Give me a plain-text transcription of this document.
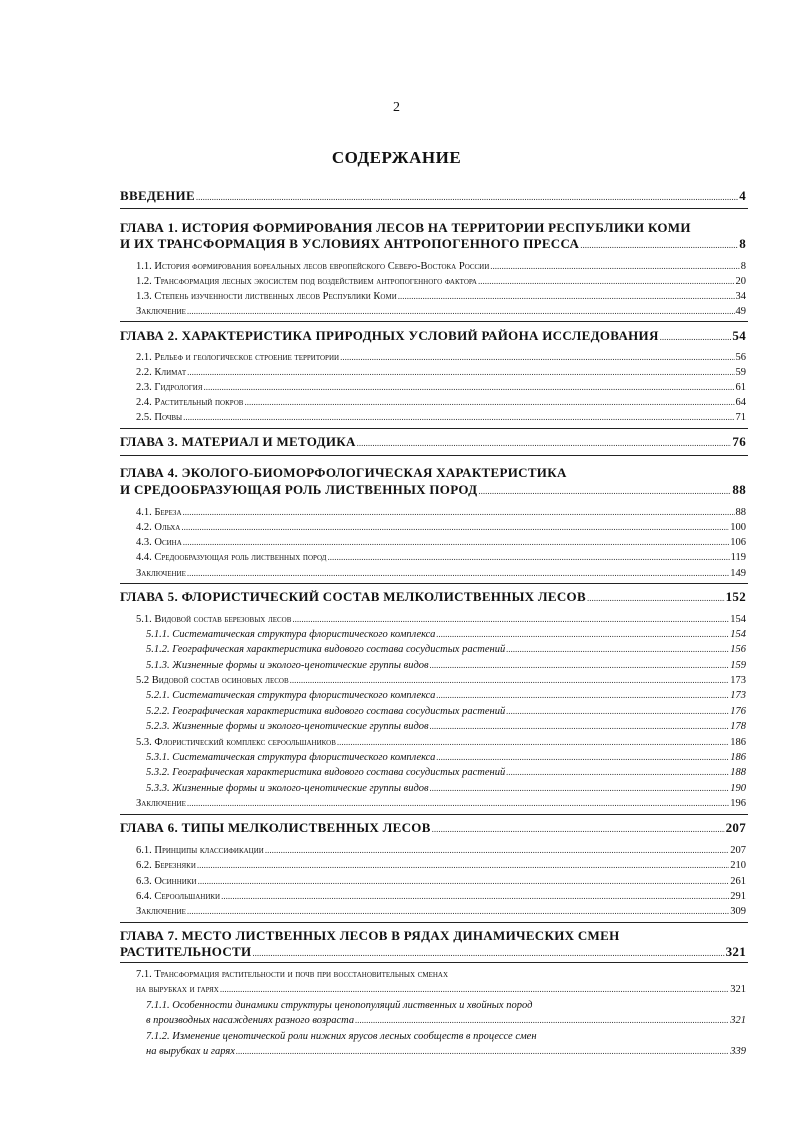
2
СОДЕРЖАНИЕ
ВВЕДЕНИЕ .....	4
ГЛАВА 1. ИСТОРИЯ ФОРМИРОВАНИЯ ЛЕСОВ НА ТЕРРИТОРИИ РЕСПУБЛИКИ КОМИ
И ИХ ТРАНСФОРМАЦИЯ В УСЛОВИЯХ АНТРОПОГЕННОГО ПРЕССА .....	8
1.1. История формирования бореальных лесов европейского Северо-Востока России .....	8
1.2. Трансформация лесных экосистем под воздействием антропогенного фактора .....	20
1.3. Степень изученности лиственных лесов Республики Коми .....	34
Заключение .....	49
ГЛАВА 2. ХАРАКТЕРИСТИКА ПРИРОДНЫХ УСЛОВИЙ РАЙОНА ИССЛЕДОВАНИЯ .....	54
2.1. Рельеф и геологическое строение территории .....	56
2.2. Климат .....	59
2.3. Гидрология .....	61
2.4. Растительный покров .....	64
2.5. Почвы .....	71
ГЛАВА 3. МАТЕРИАЛ И МЕТОДИКА .....	76
ГЛАВА 4. ЭКОЛОГО-БИОМОРФОЛОГИЧЕСКАЯ ХАРАКТЕРИСТИКА
И СРЕДООБРАЗУЮЩАЯ РОЛЬ ЛИСТВЕННЫХ ПОРОД .....	88
4.1. Береза .....	88
4.2. Ольха .....	100
4.3. Осина .....	106
4.4. Средообразующая роль лиственных пород .....	119
Заключение .....	149
ГЛАВА 5. ФЛОРИСТИЧЕСКИЙ СОСТАВ МЕЛКОЛИСТВЕННЫХ ЛЕСОВ .....	152
5.1. Видовой состав березовых лесов .....	154
5.1.1. Систематическая структура флористического комплекса .....	154
5.1.2. Географическая характеристика видового состава сосудистых растений .....	156
5.1.3. Жизненные формы и эколого-ценотические группы видов .....	159
5.2 Видовой состав осиновых лесов .....	173
5.2.1. Систематическая структура флористического комплекса .....	173
5.2.2. Географическая характеристика видового состава сосудистых растений .....	176
5.2.3. Жизненные формы и эколого-ценотические группы видов .....	178
5.3. Флористический комплекс сероольшаников .....	186
5.3.1. Систематическая структура флористического комплекса .....	186
5.3.2. Географическая характеристика видового состава сосудистых растений .....	188
5.3.3. Жизненные формы и эколого-ценотические группы видов .....	190
Заключение .....	196
ГЛАВА 6. ТИПЫ МЕЛКОЛИСТВЕННЫХ ЛЕСОВ .....	207
6.1. Принципы классификации .....	207
6.2. Березняки .....	210
6.3. Осинники .....	261
6.4. Сероольшаники .....	291
Заключение .....	309
ГЛАВА 7. МЕСТО ЛИСТВЕННЫХ ЛЕСОВ В РЯДАХ ДИНАМИЧЕСКИХ СМЕН
РАСТИТЕЛЬНОСТИ .....	321
7.1. Трансформация растительности и почв при восстановительных сменах
на вырубках и гарях .....	321
7.1.1. Особенности динамики структуры ценопопуляций лиственных и хвойных пород
в производных насаждениях разного возраста .....	321
7.1.2. Изменение ценотической роли нижних ярусов лесных сообществ в процессе смен
на вырубках и гарях .....	339
